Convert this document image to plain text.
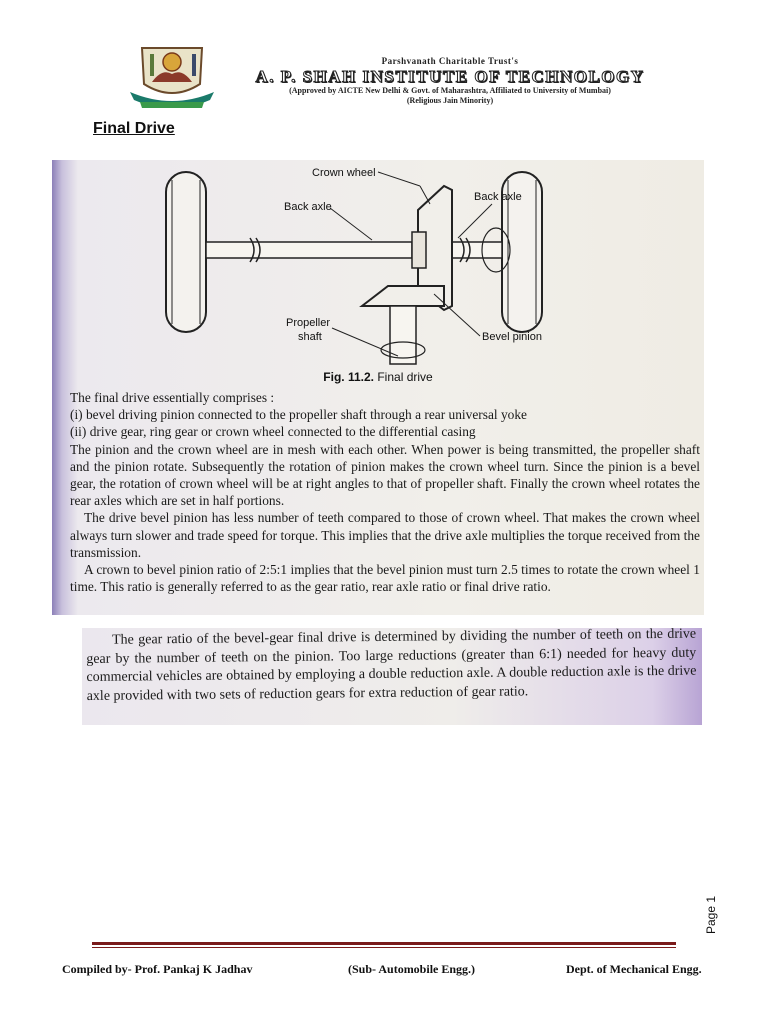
Parshvanath Charitable Trust's
A. P. SHAH INSTITUTE OF TECHNOLOGY
(Approved by AICTE New Delhi & Govt. of Maharashtra, Affiliated to University of Mumbai)
(Religious Jain Minority)
Final Drive
Crown wheel
Back axle
Back axle
Propeller
shaft	Bevel pinion
Fig. 11.2. Final drive

The final drive essentially comprises :

(i) bevel driving pinion connected to the propeller shaft through a rear universal yoke

(ii) drive gear, ring gear or crown wheel connected to the differential casing

The pinion and the crown wheel are in mesh with each other. When power is being transmitted, the propeller shaft and the pinion rotate. Subsequently the rotation of pinion makes the crown wheel turn. Since the pinion is a bevel gear, the rotation of crown wheel will be at right angles to that of propeller shaft. Finally the crown wheel rotates the rear axles which are set in half portions.

The drive bevel pinion has less number of teeth compared to those of crown wheel. That makes the crown wheel always turn slower and trade speed for torque. This implies that the drive axle multiplies the torque received from the transmission.

A crown to bevel pinion ratio of 2:5:1 implies that the bevel pinion must turn 2.5 times to rotate the crown wheel 1 time. This ratio is generally referred to as the gear ratio, rear axle ratio or final drive ratio.

The gear ratio of the bevel-gear final drive is determined by dividing the number of teeth on the drive gear by the number of teeth on the pinion. Too large reductions (greater than 6:1) needed for heavy duty commercial vehicles are obtained by employing a double reduction axle. A double reduction axle is the drive axle provided with two sets of reduction gears for extra reduction of gear ratio.
Page 1
Compiled by- Prof. Pankaj K Jadhav	(Sub- Automobile Engg.)	Dept. of Mechanical Engg.
